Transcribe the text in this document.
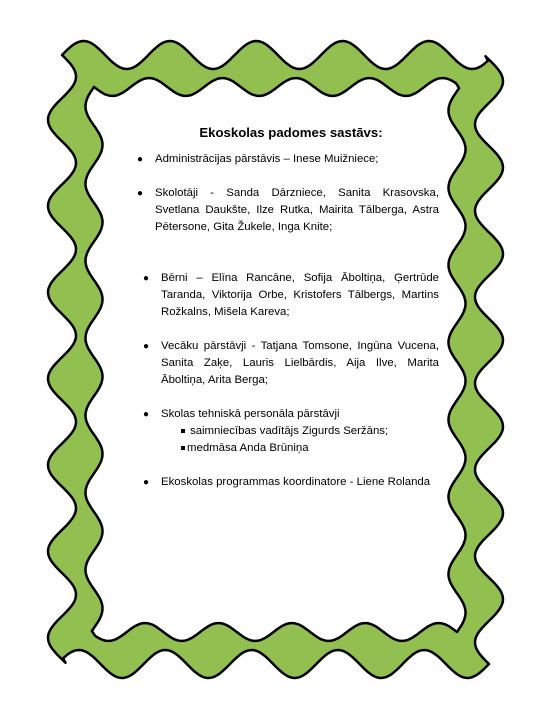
Ekoskolas padomes sastāvs:
● Administrācijas pārstāvis – Inese Muižniece;
● Skolotāji - Sanda Dārzniece, Sanita Krasovska, Svetlana Daukšte, Ilze Rutka, Mairita Tālberga, Astra Pētersone, Gita Žukele, Inga Knite;
● Bērni – Elīna Rancāne, Sofija Āboltiņa, Ģertrūde Taranda, Viktorija Orbe, Kristofers Tālbergs, Martins Rožkalns, Mišela Kareva;
● Vecāku pārstāvji - Tatjana Tomsone, Ingūna Vucena, Sanita Zaķe, Lauris Lielbārdis, Aija Ilve, Marita Āboltiņa, Arita Berga;
● Skolas tehniskā personāla pārstāvji
saimniecības vadītājs Zigurds Seržāns;
medmāsa Anda Brūniņa
● Ekoskolas programmas koordinatore - Liene Rolanda
